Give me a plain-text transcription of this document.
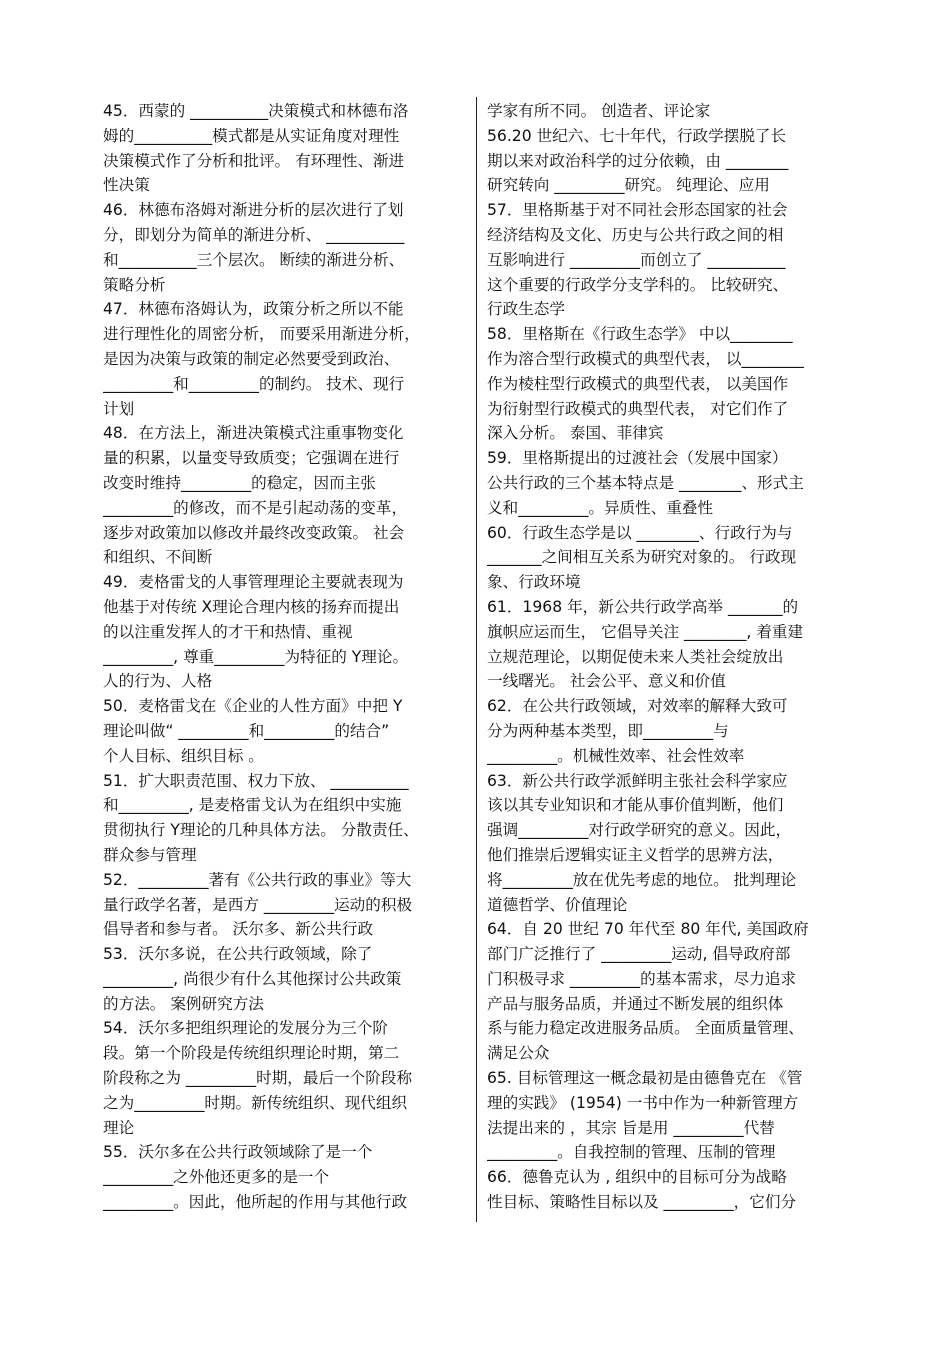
45．西蒙的 __________决策模式和林德布洛
姆的__________模式都是从实证角度对理性
决策模式作了分析和批评。 有环理性、渐进
性决策
46．林德布洛姆对渐进分析的层次进行了划
分，即划分为简单的渐进分析、 __________
和__________三个层次。 断续的渐进分析、
策略分析
47．林德布洛姆认为，政策分析之所以不能
进行理性化的周密分析， 而要采用渐进分析，
是因为决策与政策的制定必然要受到政治、
_________和_________的制约。 技术、现行
计划
48．在方法上，渐进决策模式注重事物变化
量的积累，以量变导致质变；它强调在进行
改变时维持_________的稳定，因而主张
_________的修改，而不是引起动荡的变革，
逐步对政策加以修改并最终改变政策。 社会
和组织、不间断
49．麦格雷戈的人事管理理论主要就表现为
他基于对传统 X理论合理内核的扬弃而提出
的以注重发挥人的才干和热情、重视
_________, 尊重_________为特征的 Y理论。
人的行为、人格
50．麦格雷戈在《企业的人性方面》中把 Y
理论叫做“ _________和_________的结合”
个人目标、组织目标 。
51．扩大职责范围、权力下放、 __________
和_________, 是麦格雷戈认为在组织中实施
贯彻执行 Y理论的几种具体方法。 分散责任、
群众参与管理
52．_________著有《公共行政的事业》等大
量行政学名著，是西方 _________运动的积极
倡导者和参与者。 沃尔多、新公共行政
53．沃尔多说，在公共行政领域，除了
_________, 尚很少有什么其他探讨公共政策
的方法。 案例研究方法
54．沃尔多把组织理论的发展分为三个阶
段。第一个阶段是传统组织理论时期，第二
阶段称之为 _________时期，最后一个阶段称
之为_________时期。新传统组织、现代组织
理论
55．沃尔多在公共行政领域除了是一个
_________之外他还更多的是一个
_________。因此，他所起的作用与其他行政
学家有所不同。 创造者、评论家
56.20 世纪六、七十年代，行政学摆脱了长
期以来对政治科学的过分依赖，由 ________
研究转向 _________研究。 纯理论、应用
57．里格斯基于对不同社会形态国家的社会
经济结构及文化、历史与公共行政之间的相
互影响进行 _________而创立了 __________
这个重要的行政学分支学科的。 比较研究、
行政生态学
58．里格斯在《行政生态学》 中以________
作为溶合型行政模式的典型代表， 以________
作为棱柱型行政模式的典型代表， 以美国作
为衍射型行政模式的典型代表， 对它们作了
深入分析。 泰国、菲律宾
59．里格斯提出的过渡社会（发展中国家）
公共行政的三个基本特点是 ________、形式主
义和_________。异质性、重叠性
60．行政生态学是以 ________、行政行为与
_______之间相互关系为研究对象的。 行政现
象、行政环境
61．1968 年，新公共行政学高举 _______的
旗帜应运而生， 它倡导关注 ________, 着重建
立规范理论，以期促使未来人类社会绽放出
一线曙光。 社会公平、意义和价值
62．在公共行政领域，对效率的解释大致可
分为两种基本类型，即_________与
_________。机械性效率、社会性效率
63．新公共行政学派鲜明主张社会科学家应
该以其专业知识和才能从事价值判断，他们
强调_________对行政学研究的意义。因此，
他们推崇后逻辑实证主义哲学的思辨方法，
将_________放在优先考虑的地位。 批判理论
道德哲学、价值理论
64．自 20 世纪 70 年代至 80 年代, 美国政府
部门广泛推行了 _________运动, 倡导政府部
门积极寻求 _________的基本需求，尽力追求
产品与服务品质，并通过不断发展的组织体
系与能力稳定改进服务品质。 全面质量管理、
满足公众
65. 目标管理这一概念最初是由德鲁克在 《管
理的实践》 (1954) 一书中作为一种新管理方
法提出来的 ，其宗 旨是用 _________代替
_________。自我控制的管理、压制的管理
66．德鲁克认为 , 组织中的目标可分为战略
性目标、策略性目标以及 _________，它们分
